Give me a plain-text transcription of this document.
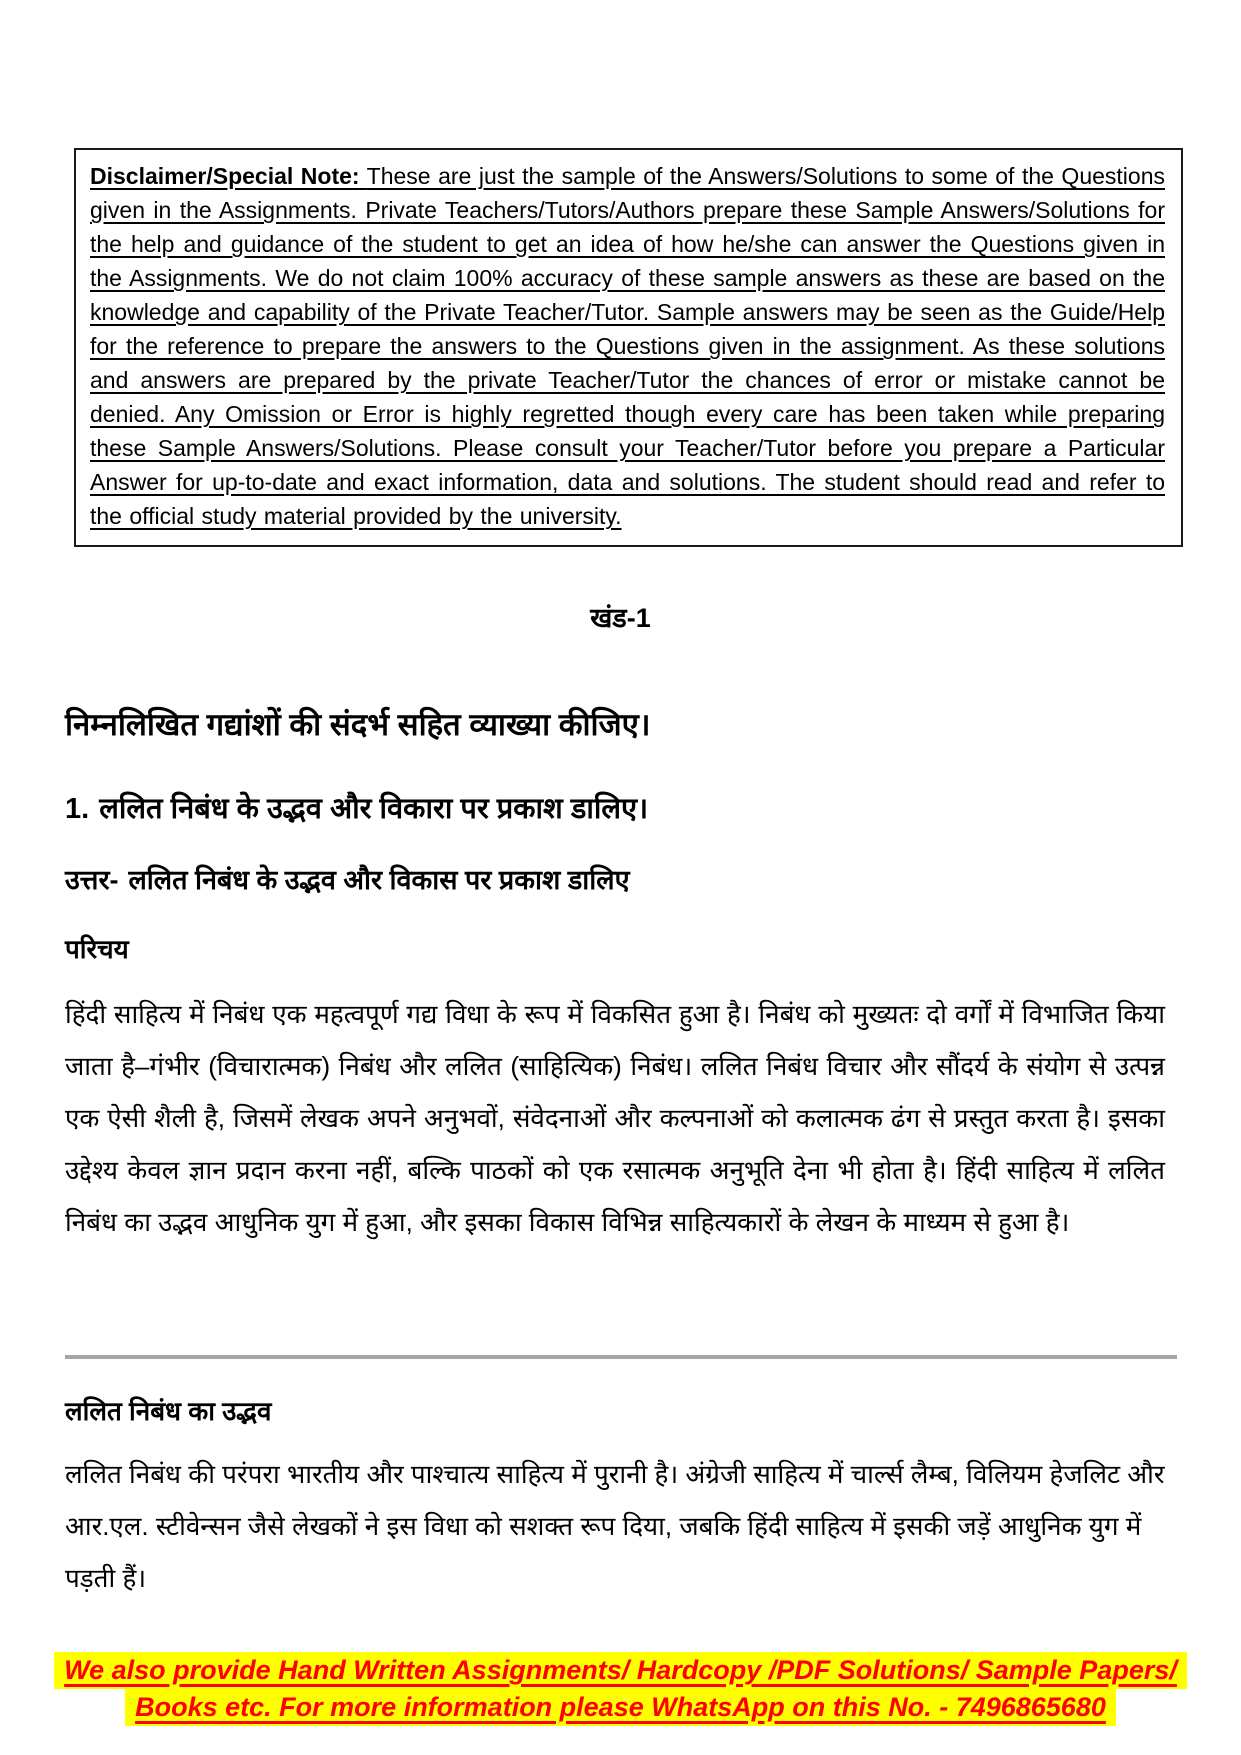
Disclaimer/Special Note: These are just the sample of the Answers/Solutions to some of the Questions given in the Assignments. Private Teachers/Tutors/Authors prepare these Sample Answers/Solutions for the help and guidance of the student to get an idea of how he/she can answer the Questions given in the Assignments. We do not claim 100% accuracy of these sample answers as these are based on the knowledge and capability of the Private Teacher/Tutor. Sample answers may be seen as the Guide/Help for the reference to prepare the answers to the Questions given in the assignment. As these solutions and answers are prepared by the private Teacher/Tutor the chances of error or mistake cannot be denied. Any Omission or Error is highly regretted though every care has been taken while preparing these Sample Answers/Solutions. Please consult your Teacher/Tutor before you prepare a Particular Answer for up-to-date and exact information, data and solutions. The student should read and refer to the official study material provided by the university.

खंड-1
निम्नलिखित गद्यांशों की संदर्भ सहित व्याख्या कीजिए।
1. ललित निबंध के उद्भव और विकारा पर प्रकाश डालिए।

उत्तर- ललित निबंध के उद्भव और विकास पर प्रकाश डालिए

परिचय

हिंदी साहित्य में निबंध एक महत्वपूर्ण गद्य विधा के रूप में विकसित हुआ है। निबंध को मुख्यतः दो वर्गों में विभाजित किया जाता है–गंभीर (विचारात्मक) निबंध और ललित (साहित्यिक) निबंध। ललित निबंध विचार और सौंदर्य के संयोग से उत्पन्न एक ऐसी शैली है, जिसमें लेखक अपने अनुभवों, संवेदनाओं और कल्पनाओं को कलात्मक ढंग से प्रस्तुत करता है। इसका उद्देश्य केवल ज्ञान प्रदान करना नहीं, बल्कि पाठकों को एक रसात्मक अनुभूति देना भी होता है। हिंदी साहित्य में ललित निबंध का उद्भव आधुनिक युग में हुआ, और इसका विकास विभिन्न साहित्यकारों के लेखन के माध्यम से हुआ है।

ललित निबंध का उद्भव

ललित निबंध की परंपरा भारतीय और पाश्चात्य साहित्य में पुरानी है। अंग्रेजी साहित्य में चार्ल्स लैम्ब, विलियम हेजलिट और आर.एल. स्टीवेन्सन जैसे लेखकों ने इस विधा को सशक्त रूप दिया, जबकि हिंदी साहित्य में इसकी जड़ें आधुनिक युग में पड़ती हैं।

We also provide Hand Written Assignments/ Hardcopy /PDF Solutions/ Sample Papers/
Books etc. For more information please WhatsApp on this No. - 7496865680
